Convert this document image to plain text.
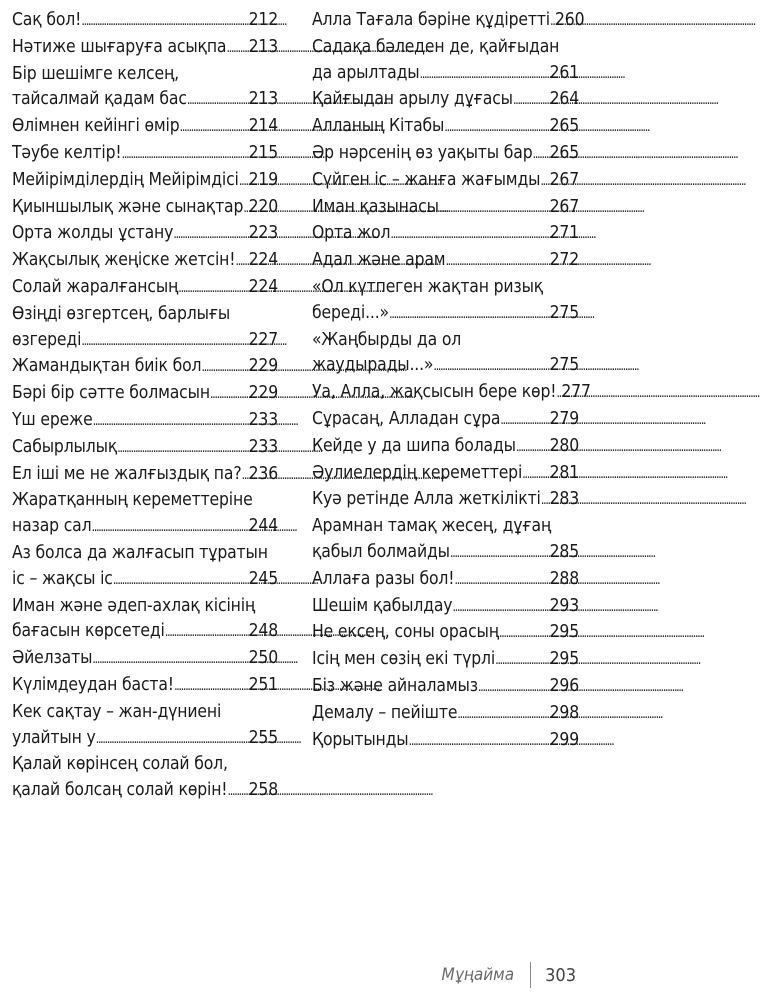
Сақ бол! . . .	212
Нәтиже шығаруға асықпа . . . 213
Бір шешімге келсең,
тайсалмай қадам бас . . .	213
Өлімнен кейінгі өмір . . .	214
Тәубе келтір! . . .	215
Мейірімділердің Мейірімдісі . . . 219
Қиыншылық және сынақтар . . . 220
Орта жолды ұстану . . .	223
Жақсылық жеңіске жетсін! . . . 224
Солай жаралғансың . . .	224
Өзіңді өзгертсең, барлығы
өзгереді . . .	227
Жамандықтан биік бол . . .	229
Бәрі бір сәтте болмасын . . . 229
Үш ереже . . .	233
Сабырлылық . . .	233
Ел іші ме не жалғыздық па? . . . 236
Жаратқанның кереметтеріне
назар сал . . .	244
Аз болса да жалғасып тұратын
іс – жақсы іс . . .	245
Иман және әдеп-ахлақ кісінің
бағасын көрсетеді . . .	248
Әйелзаты . . .	250
Күлімдеудан баста! . . .	251
Кек сақтау – жан-дүниені
улайтын у . . .	255
Қалай көрінсең солай бол,
қалай болсаң солай көрін! . . . 258
Алла Тағала бәріне құдіретті . . . 260
Садақа бәледен де, қайғыдан
да арылтады . . .	261
Қайғыдан арылу дұғасы . . . 264
Алланың Кітабы . . .	265
Әр нәрсенің өз уақыты бар . . . 265
Сүйген іс – жанға жағымды . . . 267
Иман қазынасы . . .	267
Орта жол . . .	271
Адал және арам . . .	272
«Ол күтпеген жақтан ризық
береді...» . . .	275
«Жаңбырды да ол
жаудырады...» . . .	275
Уа, Алла, жақсысын бере көр! . . . 277
Сұрасаң, Алладан сұра . . .	279
Кейде у да шипа болады . . . 280
Әулиелердің кереметтері . . . 281
Куә ретінде Алла жеткілікті . . . 283
Арамнан тамақ жесең, дұғаң
қабыл болмайды . . .	285
Аллаға разы бол! . . .	288
Шешім қабылдау . . .	293
Не ексең, соны орасың . . .	295
Ісің мен сөзің екі түрлі . . .	295
Біз және айналамыз . . .	296
Демалу – пейіште . . .	298
Қорытынды . . .	299
Мұңайма 303
